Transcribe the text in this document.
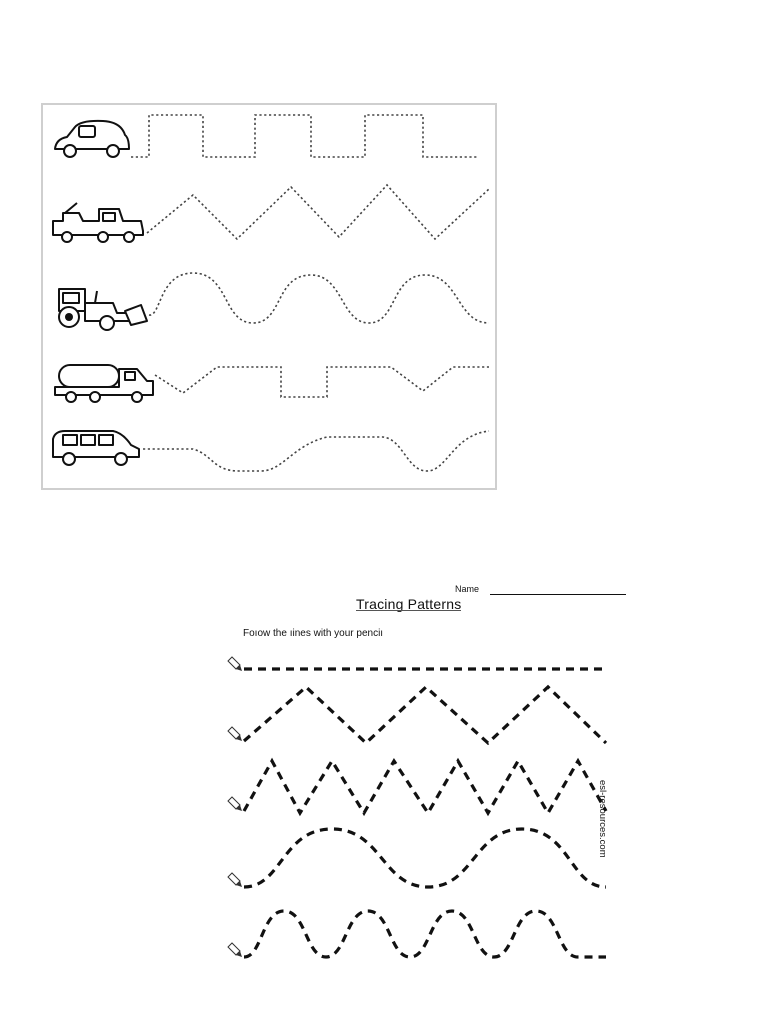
Name
Tracing Patterns
Foıow the ıines with your penciı
esl-resources.com
